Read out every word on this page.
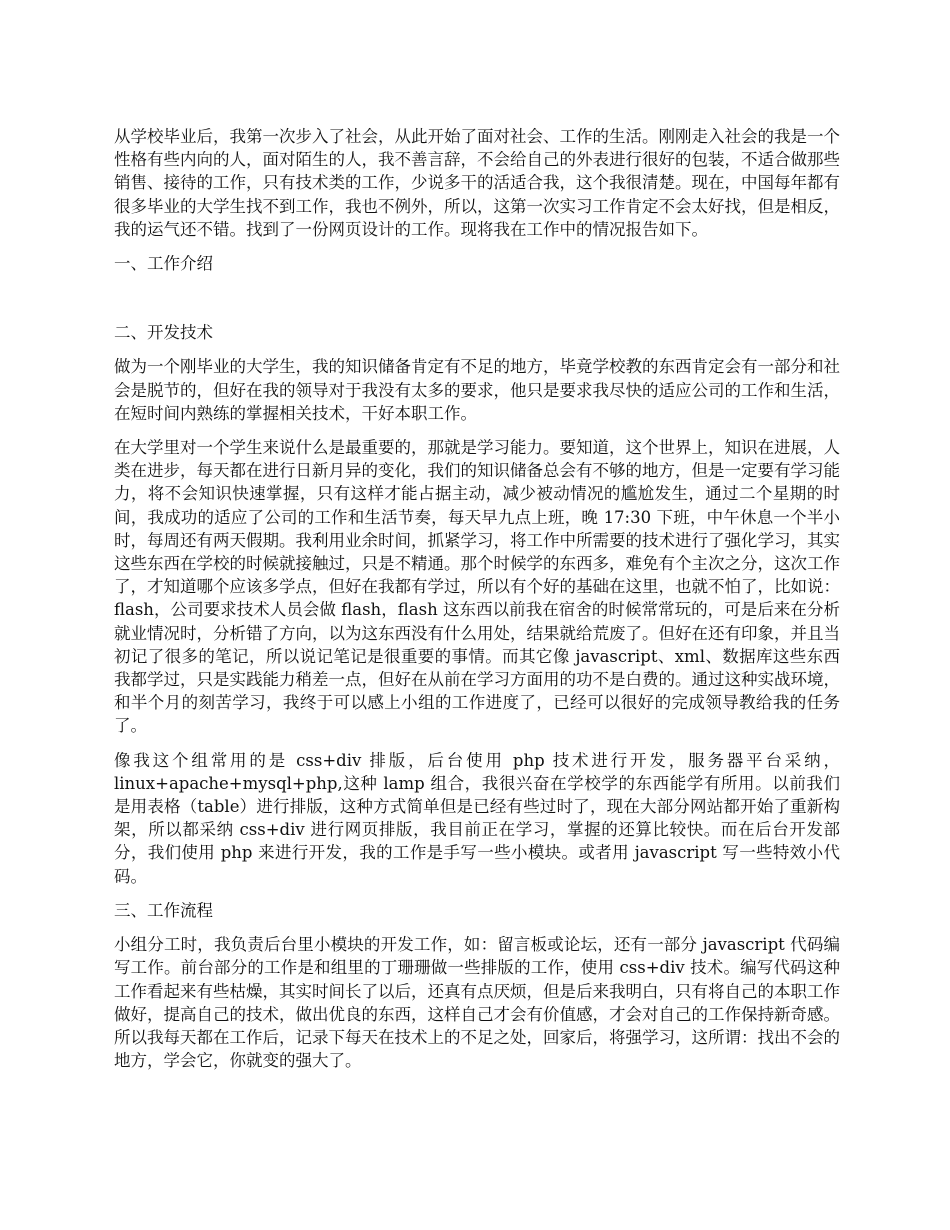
从学校毕业后，我第一次步入了社会，从此开始了面对社会、工作的生活。刚刚走入社会的我是一个性格有些内向的人，面对陌生的人，我不善言辞，不会给自己的外表进行很好的包装，不适合做那些销售、接待的工作，只有技术类的工作，少说多干的活适合我，这个我很清楚。现在，中国每年都有很多毕业的大学生找不到工作，我也不例外，所以，这第一次实习工作肯定不会太好找，但是相反，我的运气还不错。找到了一份网页设计的工作。现将我在工作中的情况报告如下。

一、工作介绍

二、开发技术

做为一个刚毕业的大学生，我的知识储备肯定有不足的地方，毕竟学校教的东西肯定会有一部分和社会是脱节的，但好在我的领导对于我没有太多的要求，他只是要求我尽快的适应公司的工作和生活，在短时间内熟练的掌握相关技术，干好本职工作。

在大学里对一个学生来说什么是最重要的，那就是学习能力。要知道，这个世界上，知识在进展，人类在进步，每天都在进行日新月异的变化，我们的知识储备总会有不够的地方，但是一定要有学习能力，将不会知识快速掌握，只有这样才能占据主动，减少被动情况的尴尬发生，通过二个星期的时间，我成功的适应了公司的工作和生活节奏，每天早九点上班，晚 17:30 下班，中午休息一个半小时，每周还有两天假期。我利用业余时间，抓紧学习，将工作中所需要的技术进行了强化学习，其实这些东西在学校的时候就接触过，只是不精通。那个时候学的东西多，难免有个主次之分，这次工作了，才知道哪个应该多学点，但好在我都有学过，所以有个好的基础在这里，也就不怕了，比如说：flash，公司要求技术人员会做 flash，flash 这东西以前我在宿舍的时候常常玩的，可是后来在分析就业情况时，分析错了方向，以为这东西没有什么用处，结果就给荒废了。但好在还有印象，并且当初记了很多的笔记，所以说记笔记是很重要的事情。而其它像 javascript、xml、数据库这些东西我都学过，只是实践能力稍差一点，但好在从前在学习方面用的功不是白费的。通过这种实战环境，和半个月的刻苦学习，我终于可以感上小组的工作进度了，已经可以很好的完成领导教给我的任务了。

像我这个组常用的是 css+div 排版，后台使用 php 技术进行开发，服务器平台采纳，linux+apache+mysql+php,这种 lamp 组合，我很兴奋在学校学的东西能学有所用。以前我们是用表格（table）进行排版，这种方式简单但是已经有些过时了，现在大部分网站都开始了重新构架，所以都采纳 css+div 进行网页排版，我目前正在学习，掌握的还算比较快。而在后台开发部分，我们使用 php 来进行开发，我的工作是手写一些小模块。或者用 javascript 写一些特效小代码。

三、工作流程

小组分工时，我负责后台里小模块的开发工作，如：留言板或论坛，还有一部分 javascript 代码编写工作。前台部分的工作是和组里的丁珊珊做一些排版的工作，使用 css+div 技术。编写代码这种工作看起来有些枯燥，其实时间长了以后，还真有点厌烦，但是后来我明白，只有将自己的本职工作做好，提高自己的技术，做出优良的东西，这样自己才会有价值感，才会对自己的工作保持新奇感。所以我每天都在工作后，记录下每天在技术上的不足之处，回家后，将强学习，这所谓：找出不会的地方，学会它，你就变的强大了。
